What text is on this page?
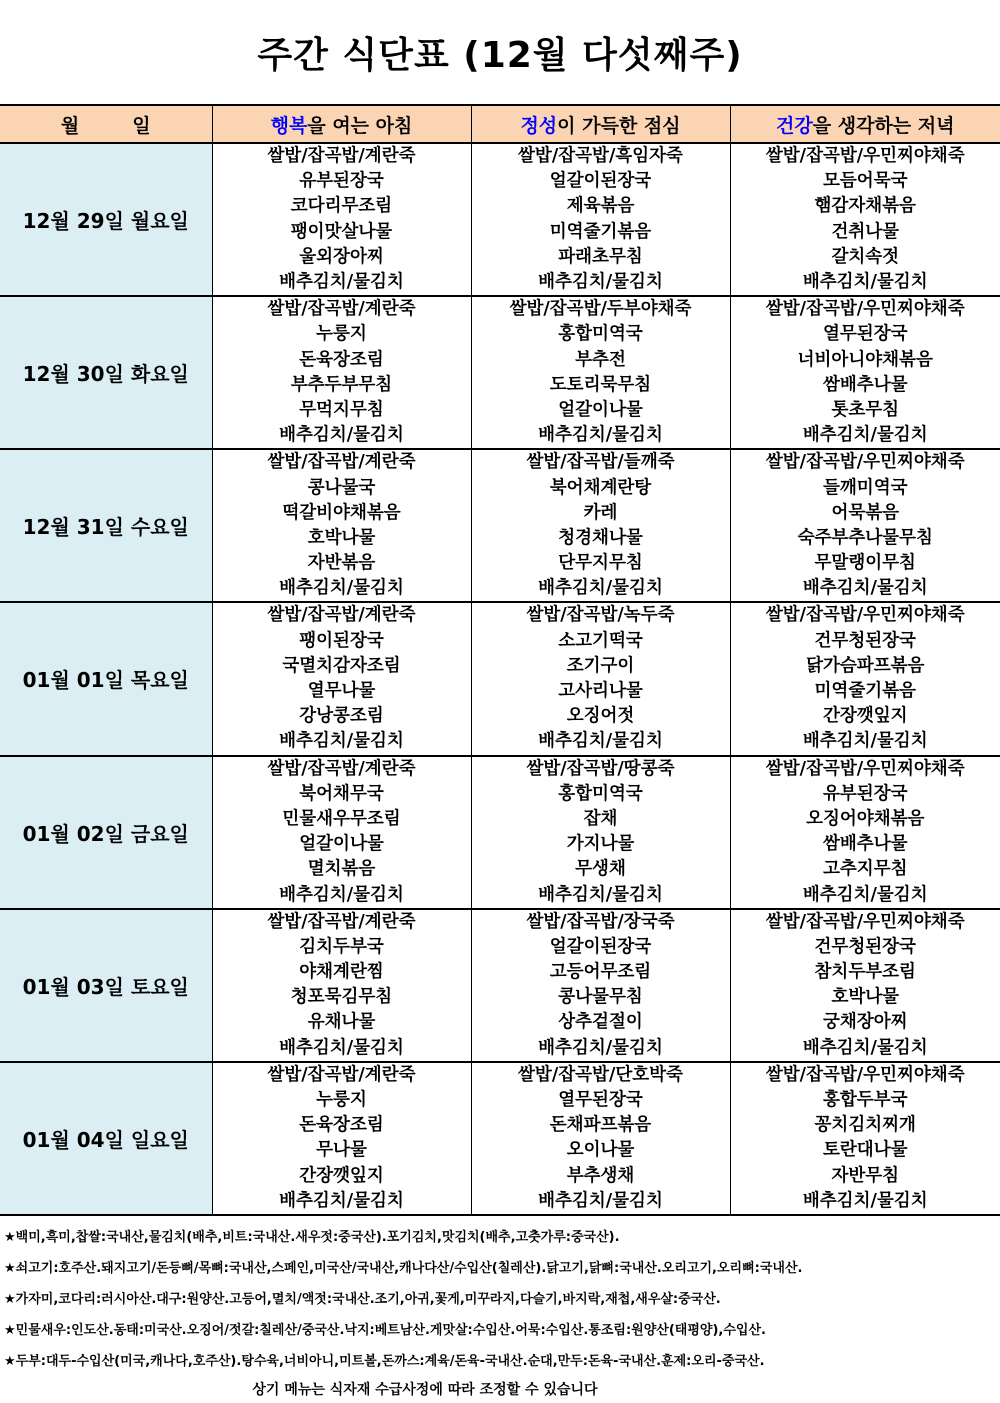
주간 식단표 (12월 다섯째주)
월        일	행복을 여는 아침	정성이 가득한 점심	건강을 생각하는 저녁
12월 29일 월요일	쌀밥/잡곡밥/계란죽	쌀밥/잡곡밥/흑임자죽	쌀밥/잡곡밥/우민찌야채죽
	유부된장국	얼갈이된장국	모듬어묵국
	코다리무조림	제육볶음	햄감자채볶음
	팽이맛살나물	미역줄기볶음	건취나물
	울외장아찌	파래초무침	갈치속젓
	배추김치/물김치	배추김치/물김치	배추김치/물김치
12월 30일 화요일	쌀밥/잡곡밥/계란죽	쌀밥/잡곡밥/두부야채죽	쌀밥/잡곡밥/우민찌야채죽
	누룽지	홍합미역국	열무된장국
	돈육장조림	부추전	너비아니야채볶음
	부추두부무침	도토리묵무침	쌈배추나물
	무먹지무침	얼갈이나물	톳초무침
	배추김치/물김치	배추김치/물김치	배추김치/물김치
12월 31일 수요일	쌀밥/잡곡밥/계란죽	쌀밥/잡곡밥/들깨죽	쌀밥/잡곡밥/우민찌야채죽
	콩나물국	북어채계란탕	들깨미역국
	떡갈비야채볶음	카레	어묵볶음
	호박나물	청경채나물	숙주부추나물무침
	자반볶음	단무지무침	무말랭이무침
	배추김치/물김치	배추김치/물김치	배추김치/물김치
01월 01일 목요일	쌀밥/잡곡밥/계란죽	쌀밥/잡곡밥/녹두죽	쌀밥/잡곡밥/우민찌야채죽
	팽이된장국	소고기떡국	건무청된장국
	국멸치감자조림	조기구이	닭가슴파프볶음
	열무나물	고사리나물	미역줄기볶음
	강낭콩조림	오징어젓	간장깻잎지
	배추김치/물김치	배추김치/물김치	배추김치/물김치
01월 02일 금요일	쌀밥/잡곡밥/계란죽	쌀밥/잡곡밥/땅콩죽	쌀밥/잡곡밥/우민찌야채죽
	북어채무국	홍합미역국	유부된장국
	민물새우무조림	잡채	오징어야채볶음
	얼갈이나물	가지나물	쌈배추나물
	멸치볶음	무생채	고추지무침
	배추김치/물김치	배추김치/물김치	배추김치/물김치
01월 03일 토요일	쌀밥/잡곡밥/계란죽	쌀밥/잡곡밥/장국죽	쌀밥/잡곡밥/우민찌야채죽
	김치두부국	얼갈이된장국	건무청된장국
	야채계란찜	고등어무조림	참치두부조림
	청포묵김무침	콩나물무침	호박나물
	유채나물	상추겉절이	궁채장아찌
	배추김치/물김치	배추김치/물김치	배추김치/물김치
01월 04일 일요일	쌀밥/잡곡밥/계란죽	쌀밥/잡곡밥/단호박죽	쌀밥/잡곡밥/우민찌야채죽
	누룽지	열무된장국	홍합두부국
	돈육장조림	돈채파프볶음	꽁치김치찌개
	무나물	오이나물	토란대나물
	간장깻잎지	부추생채	자반무침
	배추김치/물김치	배추김치/물김치	배추김치/물김치
★백미,흑미,찹쌀:국내산,물김치(배추,비트:국내산.새우젓:중국산).포기김치,맛김치(배추,고춧가루:중국산).
★쇠고기:호주산.돼지고기/돈등뼈/목뼈:국내산,스페인,미국산/국내산,캐나다산/수입산(칠레산).닭고기,닭뼈:국내산.오리고기,오리뼈:국내산.
★가자미,코다리:러시아산.대구:원양산.고등어,멸치/액젓:국내산.조기,아귀,꽃게,미꾸라지,다슬기,바지락,재첩,새우살:중국산.
★민물새우:인도산.동태:미국산.오징어/젓갈:칠레산/중국산.낙지:베트남산.게맛살:수입산.어묵:수입산.통조림:원양산(태평양),수입산.
★두부:대두-수입산(미국,캐나다,호주산).탕수육,너비아니,미트볼,돈까스:계육/돈육-국내산.순대,만두:돈육-국내산.훈제:오리-중국산.
상기 메뉴는 식자재 수급사정에 따라 조정할 수 있습니다
